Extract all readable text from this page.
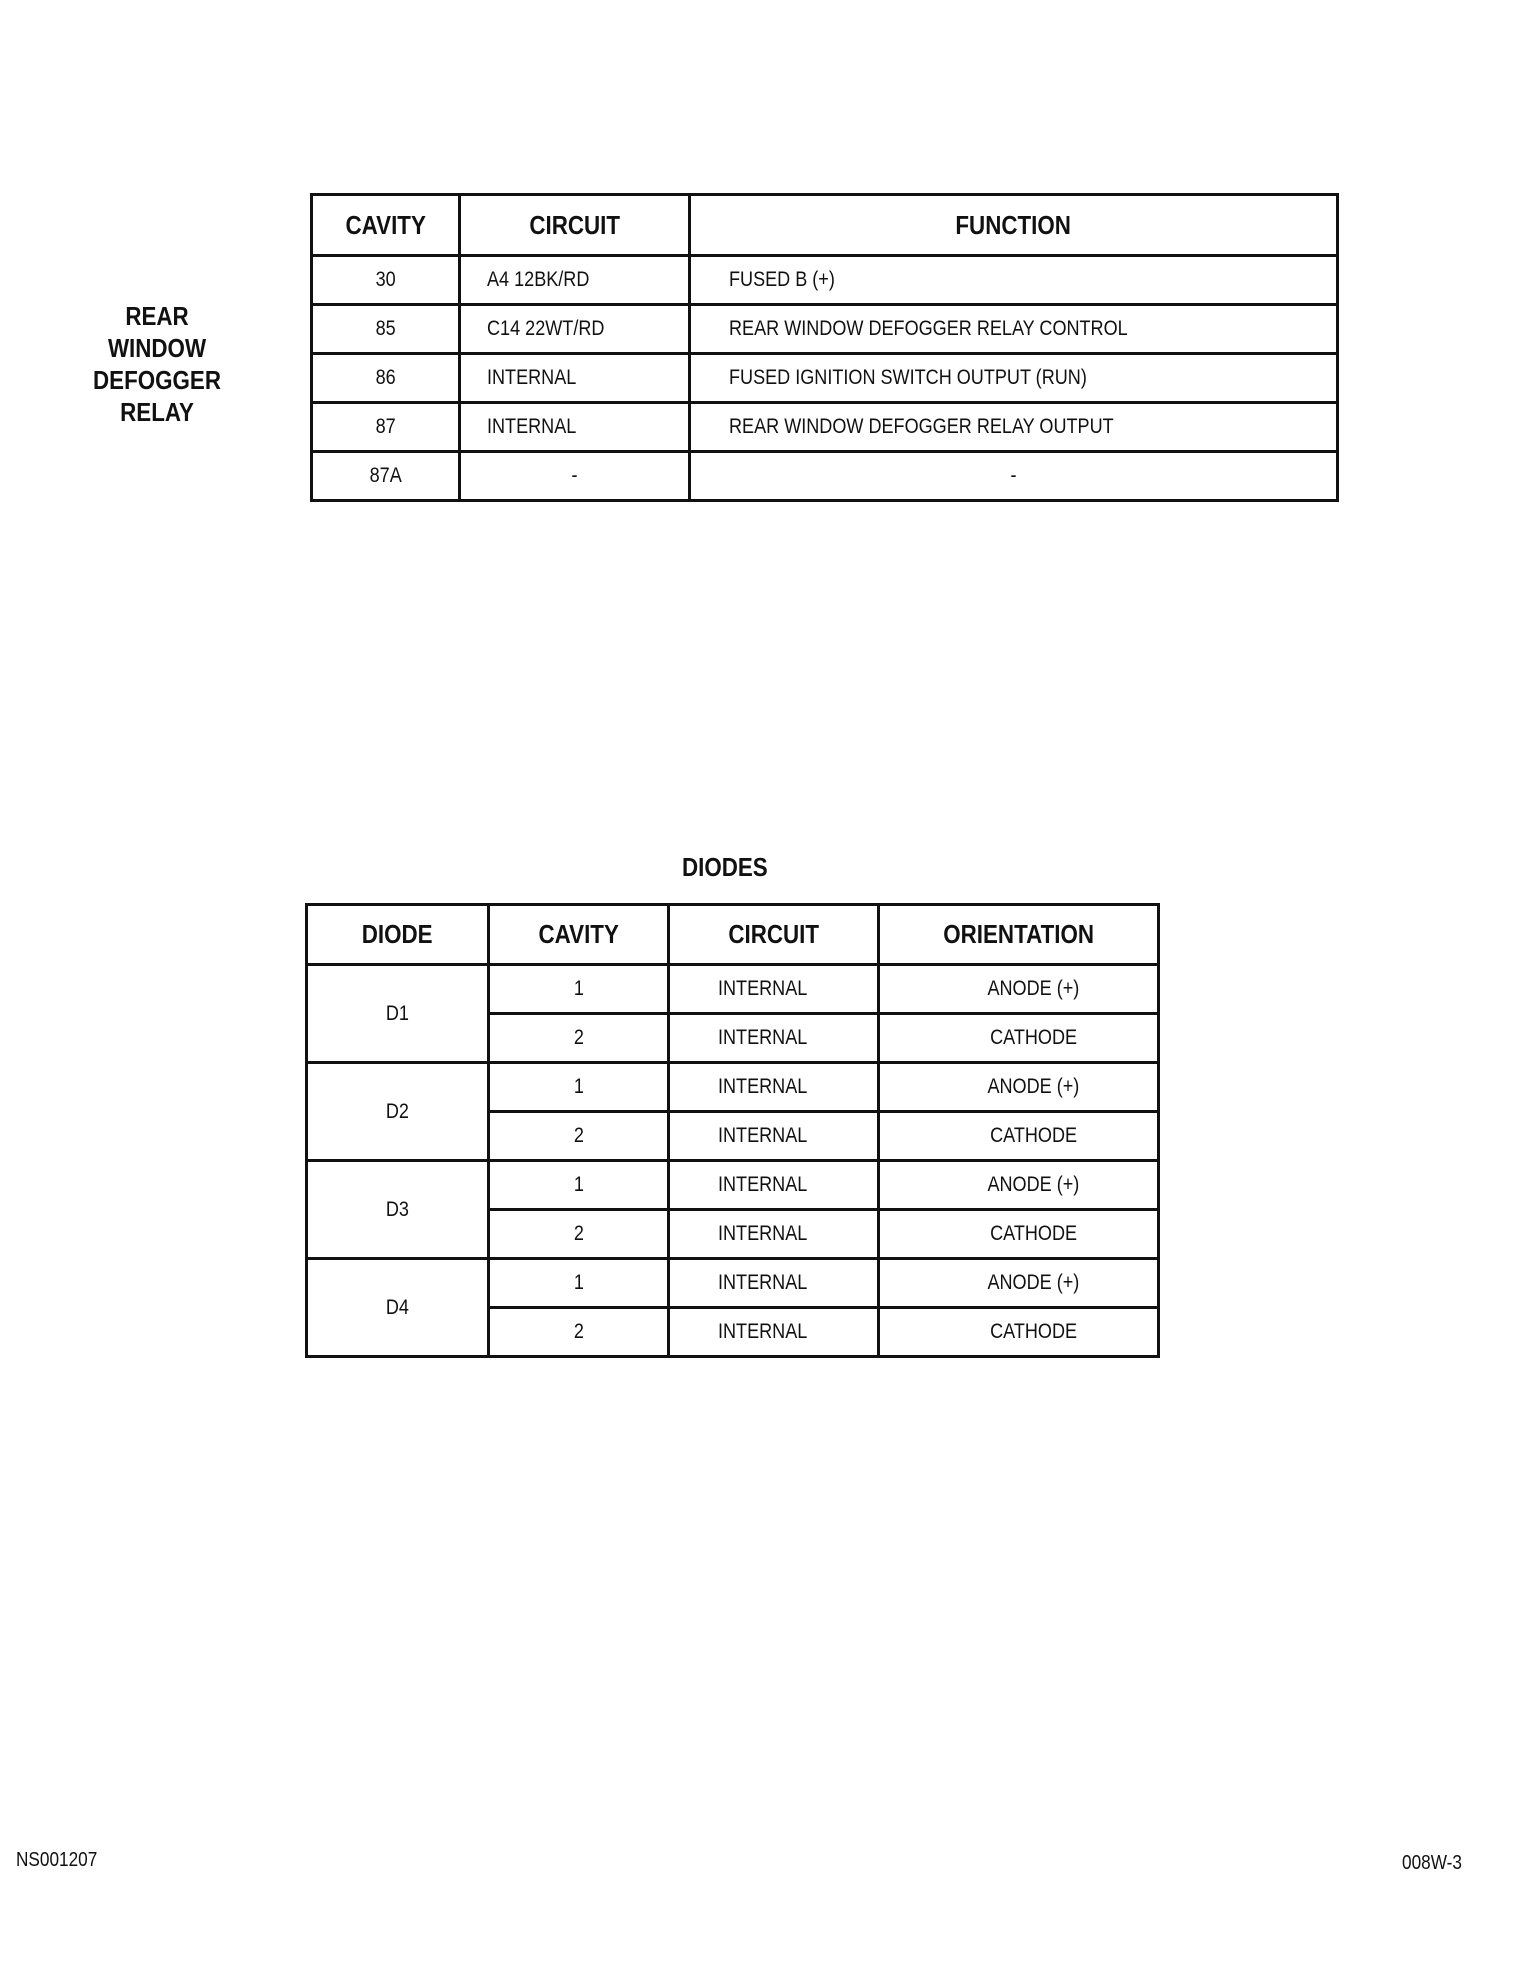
REAR
WINDOW
DEFOGGER
RELAY
CAVITY	CIRCUIT	FUNCTION
30	A4 12BK/RD	FUSED B (+)
85	C14 22WT/RD	REAR WINDOW DEFOGGER RELAY CONTROL
86	INTERNAL	FUSED IGNITION SWITCH OUTPUT (RUN)
87	INTERNAL	REAR WINDOW DEFOGGER RELAY OUTPUT
87A	-	-
DIODES
DIODE	CAVITY	CIRCUIT	ORIENTATION
D1	1	INTERNAL	ANODE (+)
	2	INTERNAL	CATHODE
D2	1	INTERNAL	ANODE (+)
	2	INTERNAL	CATHODE
D3	1	INTERNAL	ANODE (+)
	2	INTERNAL	CATHODE
D4	1	INTERNAL	ANODE (+)
	2	INTERNAL	CATHODE
NS001207	008W-3
